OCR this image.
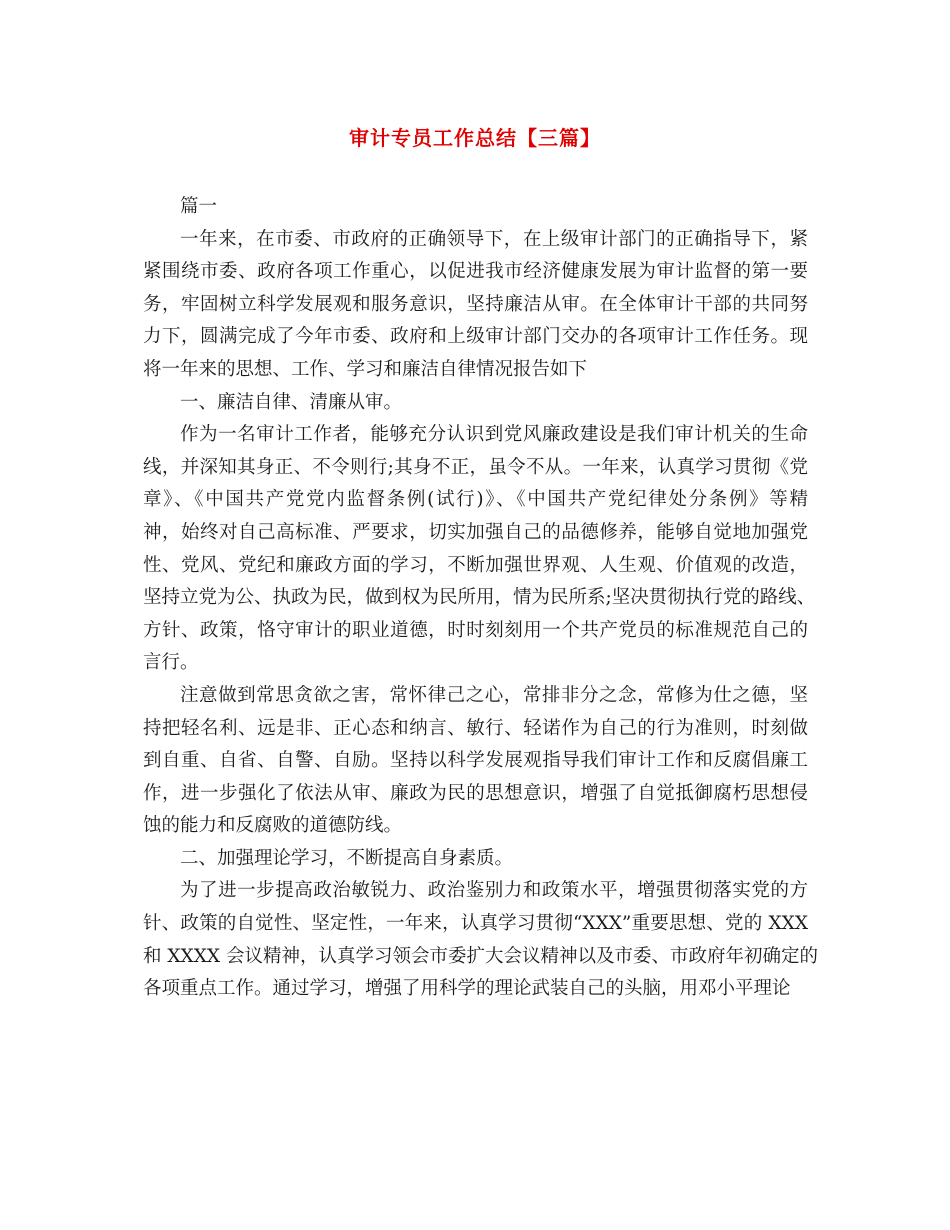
审计专员工作总结【三篇】
篇一
一年来，在市委、市政府的正确领导下，在上级审计部门的正确指导下，紧
紧围绕市委、政府各项工作重心，以促进我市经济健康发展为审计监督的第一要
务，牢固树立科学发展观和服务意识，坚持廉洁从审。在全体审计干部的共同努
力下，圆满完成了今年市委、政府和上级审计部门交办的各项审计工作任务。现
将一年来的思想、工作、学习和廉洁自律情况报告如下
一、廉洁自律、清廉从审。
作为一名审计工作者，能够充分认识到党风廉政建设是我们审计机关的生命
线，并深知其身正、不令则行;其身不正，虽令不从。一年来，认真学习贯彻《党
章》、《中国共产党党内监督条例(试行)》、《中国共产党纪律处分条例》等精
神，始终对自己高标准、严要求，切实加强自己的品德修养，能够自觉地加强党
性、党风、党纪和廉政方面的学习，不断加强世界观、人生观、价值观的改造，
坚持立党为公、执政为民，做到权为民所用，情为民所系;坚决贯彻执行党的路线、
方针、政策，恪守审计的职业道德，时时刻刻用一个共产党员的标准规范自己的
言行。
注意做到常思贪欲之害，常怀律己之心，常排非分之念，常修为仕之德，坚
持把轻名利、远是非、正心态和纳言、敏行、轻诺作为自己的行为准则，时刻做
到自重、自省、自警、自励。坚持以科学发展观指导我们审计工作和反腐倡廉工
作，进一步强化了依法从审、廉政为民的思想意识，增强了自觉抵御腐朽思想侵
蚀的能力和反腐败的道德防线。
二、加强理论学习，不断提高自身素质。
为了进一步提高政治敏锐力、政治鉴别力和政策水平，增强贯彻落实党的方
针、政策的自觉性、坚定性，一年来，认真学习贯彻“XXX”重要思想、党的 XXX
和 XXXX 会议精神，认真学习领会市委扩大会议精神以及市委、市政府年初确定的
各项重点工作。通过学习，增强了用科学的理论武装自己的头脑，用邓小平理论
